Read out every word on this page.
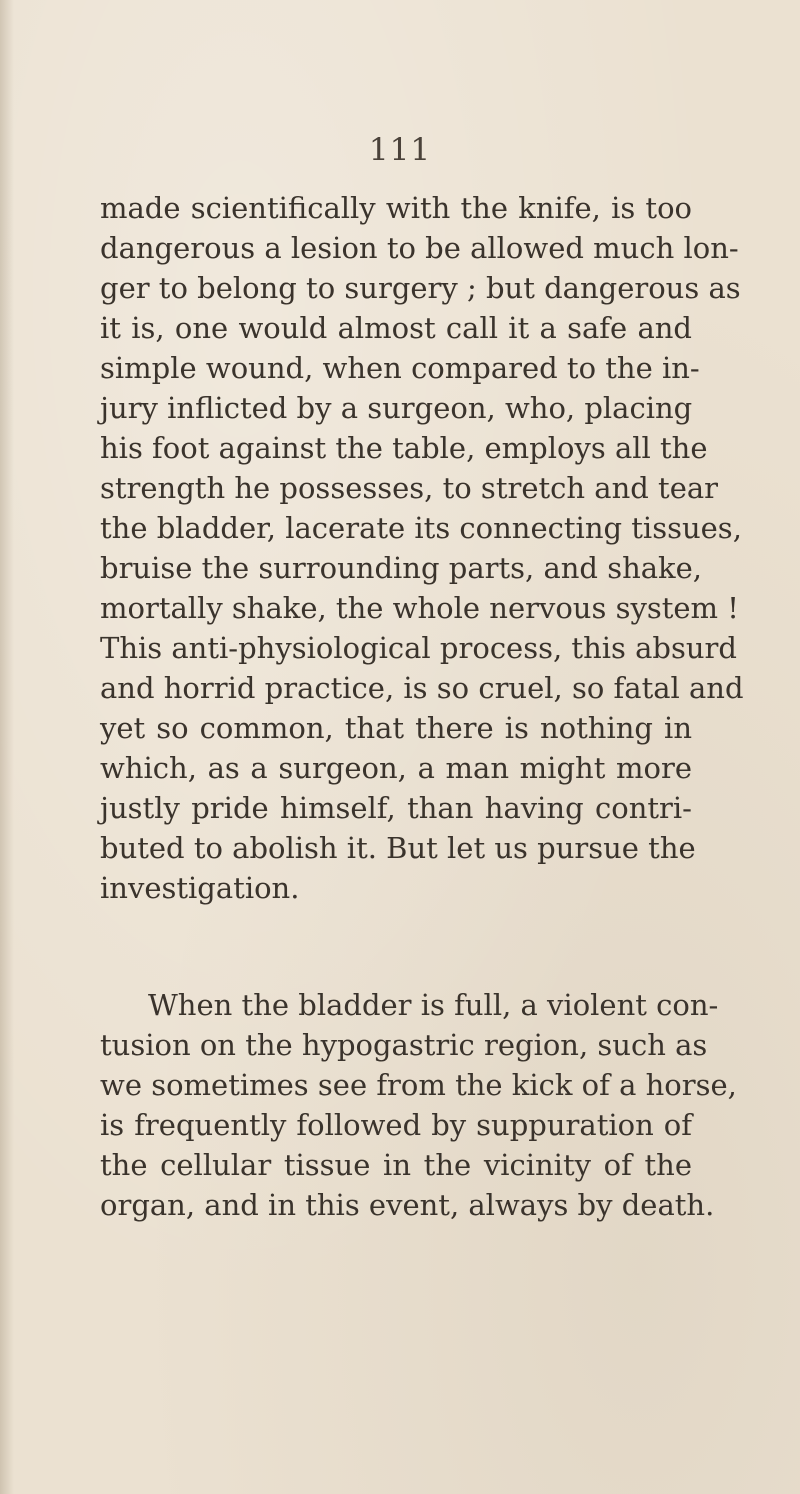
111
made scientifically with the knife, is too
dangerous a lesion to be allowed much lon-
ger to belong to surgery ; but dangerous as
it is, one would almost call it a safe and
simple wound, when compared to the in-
jury inflicted by a surgeon, who, placing
his foot against the table, employs all the
strength he possesses, to stretch and tear
the bladder, lacerate its connecting tissues,
bruise the surrounding parts, and shake,
mortally shake, the whole nervous system !
This anti-physiological process, this absurd
and horrid practice, is so cruel, so fatal and
yet so common, that there is nothing in
which, as a surgeon, a man might more
justly pride himself, than having contri-
buted to abolish it. But let us pursue the
investigation.
When the bladder is full, a violent con-
tusion on the hypogastric region, such as
we sometimes see from the kick of a horse,
is frequently followed by suppuration of
the cellular tissue in the vicinity of the
organ, and in this event, always by death.
